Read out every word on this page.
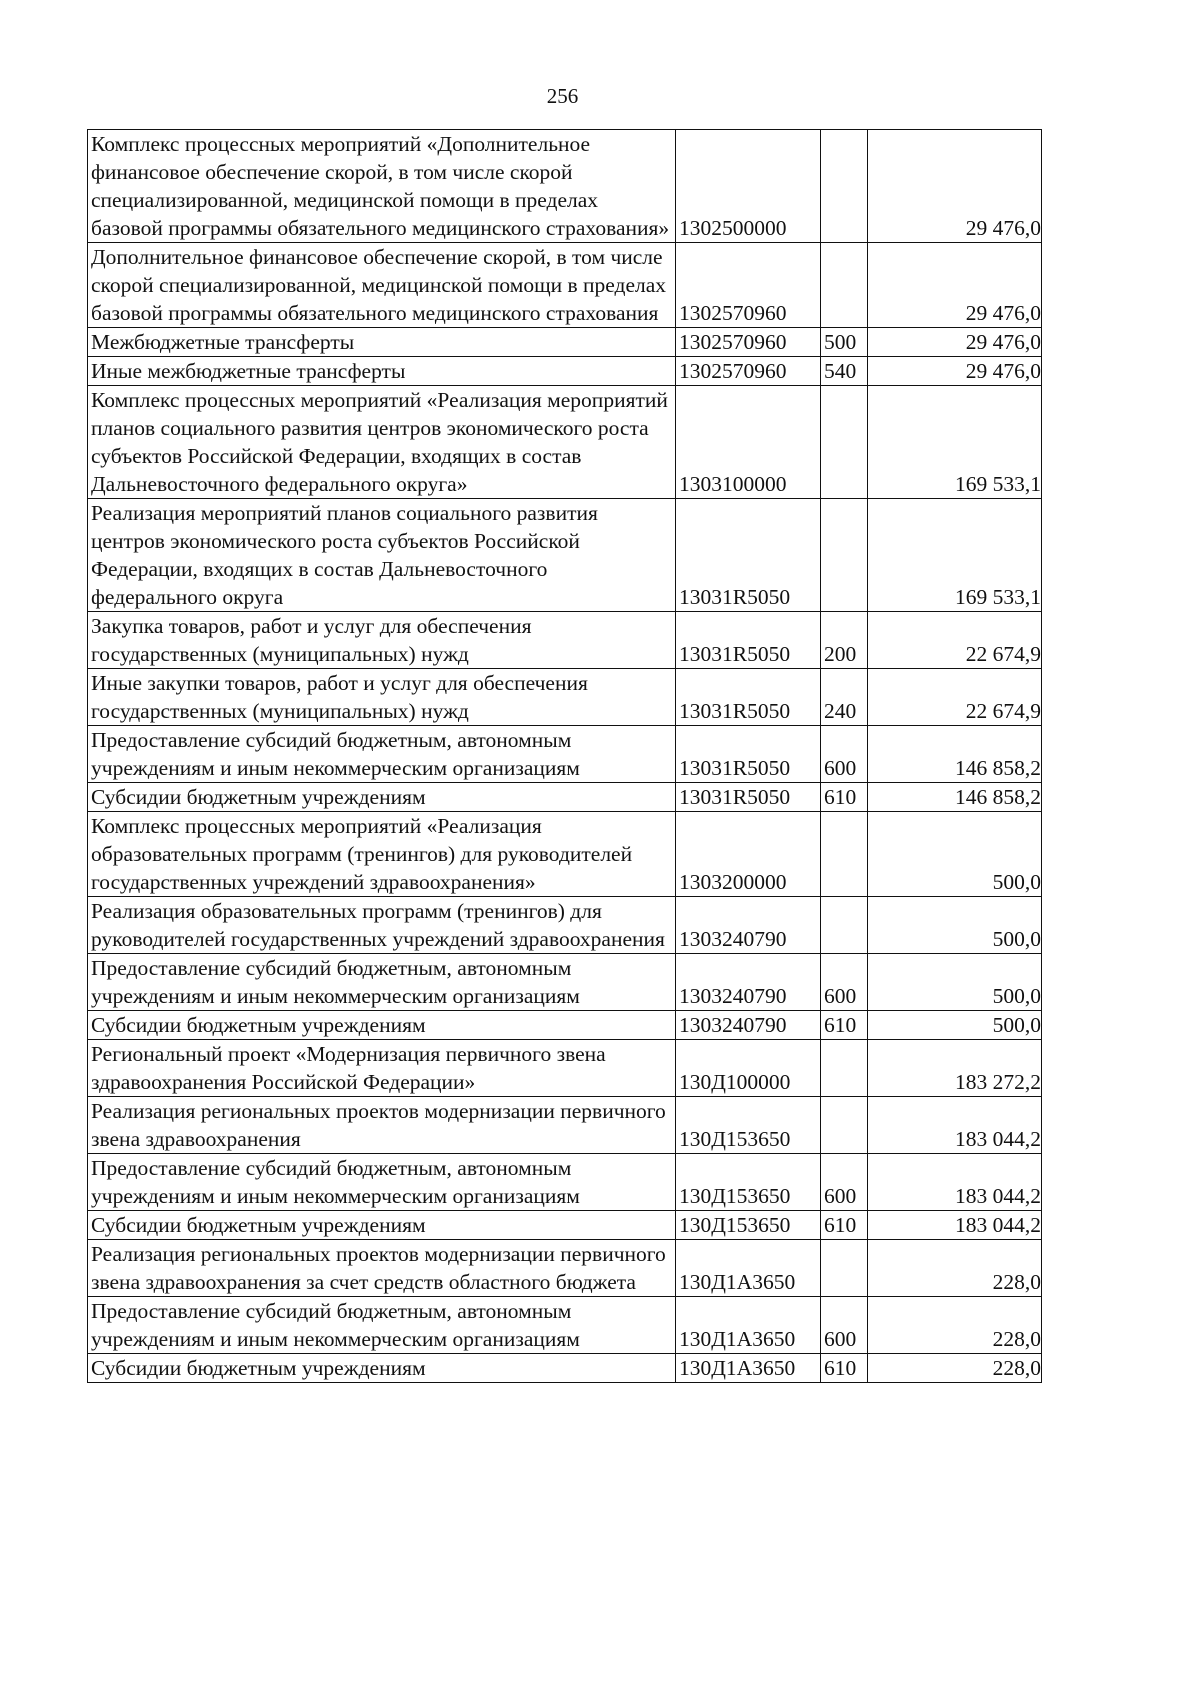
256
Комплекс процессных мероприятий «Дополнительное финансовое обеспечение скорой, в том числе скорой специализированной, медицинской помощи в пределах базовой программы обязательного медицинского страхования»	1302500000		29 476,0
Дополнительное финансовое обеспечение скорой, в том числе скорой специализированной, медицинской помощи в пределах базовой программы обязательного медицинского страхования	1302570960		29 476,0
Межбюджетные трансферты	1302570960	500	29 476,0
Иные межбюджетные трансферты	1302570960	540	29 476,0
Комплекс процессных мероприятий «Реализация мероприятий планов социального развития центров экономического роста субъектов Российской Федерации, входящих в состав Дальневосточного федерального округа»	1303100000		169 533,1
Реализация мероприятий планов социального развития центров экономического роста субъектов Российской Федерации, входящих в состав Дальневосточного федерального округа	13031R5050		169 533,1
Закупка товаров, работ и услуг для обеспечения государственных (муниципальных) нужд	13031R5050	200	22 674,9
Иные закупки товаров, работ и услуг для обеспечения государственных (муниципальных) нужд	13031R5050	240	22 674,9
Предоставление субсидий бюджетным, автономным учреждениям и иным некоммерческим организациям	13031R5050	600	146 858,2
Субсидии бюджетным учреждениям	13031R5050	610	146 858,2
Комплекс процессных мероприятий «Реализация образовательных программ (тренингов) для руководителей государственных учреждений здравоохранения»	1303200000		500,0
Реализация образовательных программ (тренингов) для руководителей государственных учреждений здравоохранения	1303240790		500,0
Предоставление субсидий бюджетным, автономным учреждениям и иным некоммерческим организациям	1303240790	600	500,0
Субсидии бюджетным учреждениям	1303240790	610	500,0
Региональный проект «Модернизация первичного звена здравоохранения Российской Федерации»	130Д100000		183 272,2
Реализация региональных проектов модернизации первичного звена здравоохранения	130Д153650		183 044,2
Предоставление субсидий бюджетным, автономным учреждениям и иным некоммерческим организациям	130Д153650	600	183 044,2
Субсидии бюджетным учреждениям	130Д153650	610	183 044,2
Реализация региональных проектов модернизации первичного звена здравоохранения за счет средств областного бюджета	130Д1А3650		228,0
Предоставление субсидий бюджетным, автономным учреждениям и иным некоммерческим организациям	130Д1А3650	600	228,0
Субсидии бюджетным учреждениям	130Д1А3650	610	228,0
